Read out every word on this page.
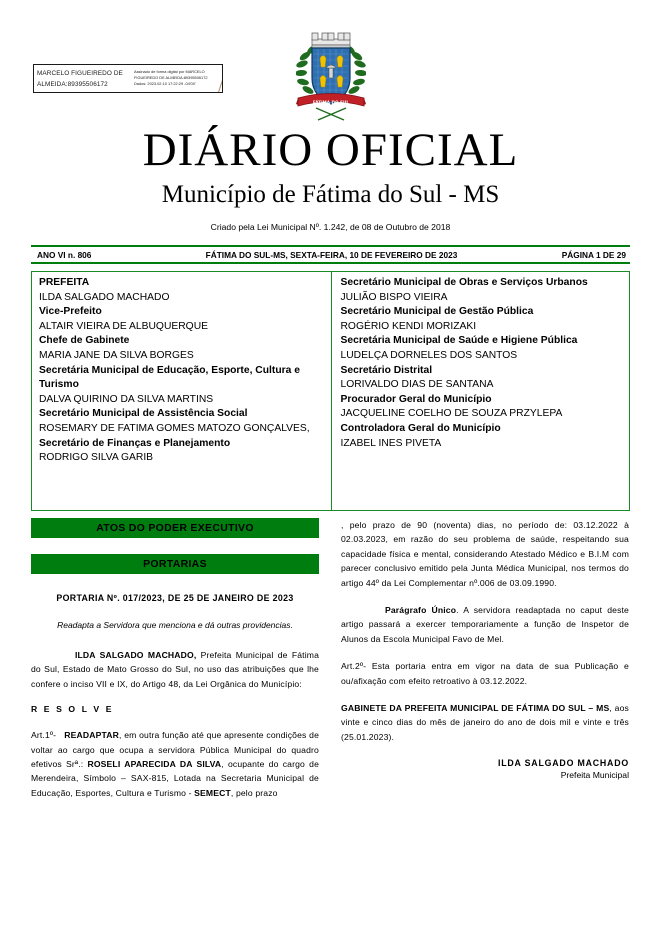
MARCELO FIGUEIREDO DE
ALMEIDA:89395506172
Assinado de forma digital por MARCELO
FIGUEIREDO DE ALMEIDA:89395506172
Dados: 2023.02.10 17:22:29 -04'00'
FÁTIMA DO SUL
DIÁRIO OFICIAL
Município de Fátima do Sul - MS
Criado pela Lei Municipal Nº. 1.242, de 08 de Outubro de 2018
ANO VI n. 806	FÁTIMA DO SUL-MS, SEXTA-FEIRA, 10 DE FEVEREIRO DE 2023	PÁGINA 1 DE 29
PREFEITA
ILDA SALGADO MACHADO
Vice-Prefeito
ALTAIR VIEIRA DE ALBUQUERQUE
Chefe de Gabinete
MARIA JANE DA SILVA BORGES
Secretária Municipal de Educação, Esporte, Cultura e Turismo
DALVA QUIRINO DA SILVA MARTINS
Secretário Municipal de Assistência Social
ROSEMARY DE FATIMA GOMES MATOZO GONÇALVES,
Secretário de Finanças e Planejamento
RODRIGO SILVA GARIB
Secretário Municipal de Obras e Serviços Urbanos
JULIÃO BISPO VIEIRA
Secretário Municipal de Gestão Pública
ROGÉRIO KENDI MORIZAKI
Secretária Municipal de Saúde e Higiene Pública
LUDELÇA DORNELES DOS SANTOS
Secretário Distrital
LORIVALDO DIAS DE SANTANA
Procurador Geral do Município
JACQUELINE COELHO DE SOUZA PRZYLEPA
Controladora Geral do Município
IZABEL INES PIVETA
ATOS DO PODER EXECUTIVO
PORTARIAS
PORTARIA Nº. 017/2023, DE 25 DE JANEIRO DE 2023
Readapta a Servidora que menciona e dá outras providencias.

ILDA SALGADO MACHADO, Prefeita Municipal de Fátima do Sul, Estado de Mato Grosso do Sul, no uso das atribuições que lhe confere o inciso VII e IX, do Artigo 48, da Lei Orgânica do Município:

R E S O L V E

Art.1º- READAPTAR, em outra função até que apresente condições de voltar ao cargo que ocupa a servidora Pública Municipal do quadro efetivos Srª.: ROSELI APARECIDA DA SILVA, ocupante do cargo de Merendeira, Símbolo – SAX-815, Lotada na Secretaria Municipal de Educação, Esportes, Cultura e Turismo - SEMECT, pelo prazo

, pelo prazo de 90 (noventa) dias, no período de: 03.12.2022 à 02.03.2023, em razão do seu problema de saúde, respeitando sua capacidade física e mental, considerando Atestado Médico e B.I.M com parecer conclusivo emitido pela Junta Médica Municipal, nos termos do artigo 44º da Lei Complementar nº.006 de 03.09.1990.

Parágrafo Único. A servidora readaptada no caput deste artigo passará a exercer temporariamente a função de Inspetor de Alunos da Escola Municipal Favo de Mel.

Art.2º- Esta portaria entra em vigor na data de sua Publicação e ou/afixação com efeito retroativo à 03.12.2022.

GABINETE DA PREFEITA MUNICIPAL DE FÁTIMA DO SUL – MS, aos vinte e cinco dias do mês de janeiro do ano de dois mil e vinte e três (25.01.2023).

ILDA SALGADO MACHADO
Prefeita Municipal
